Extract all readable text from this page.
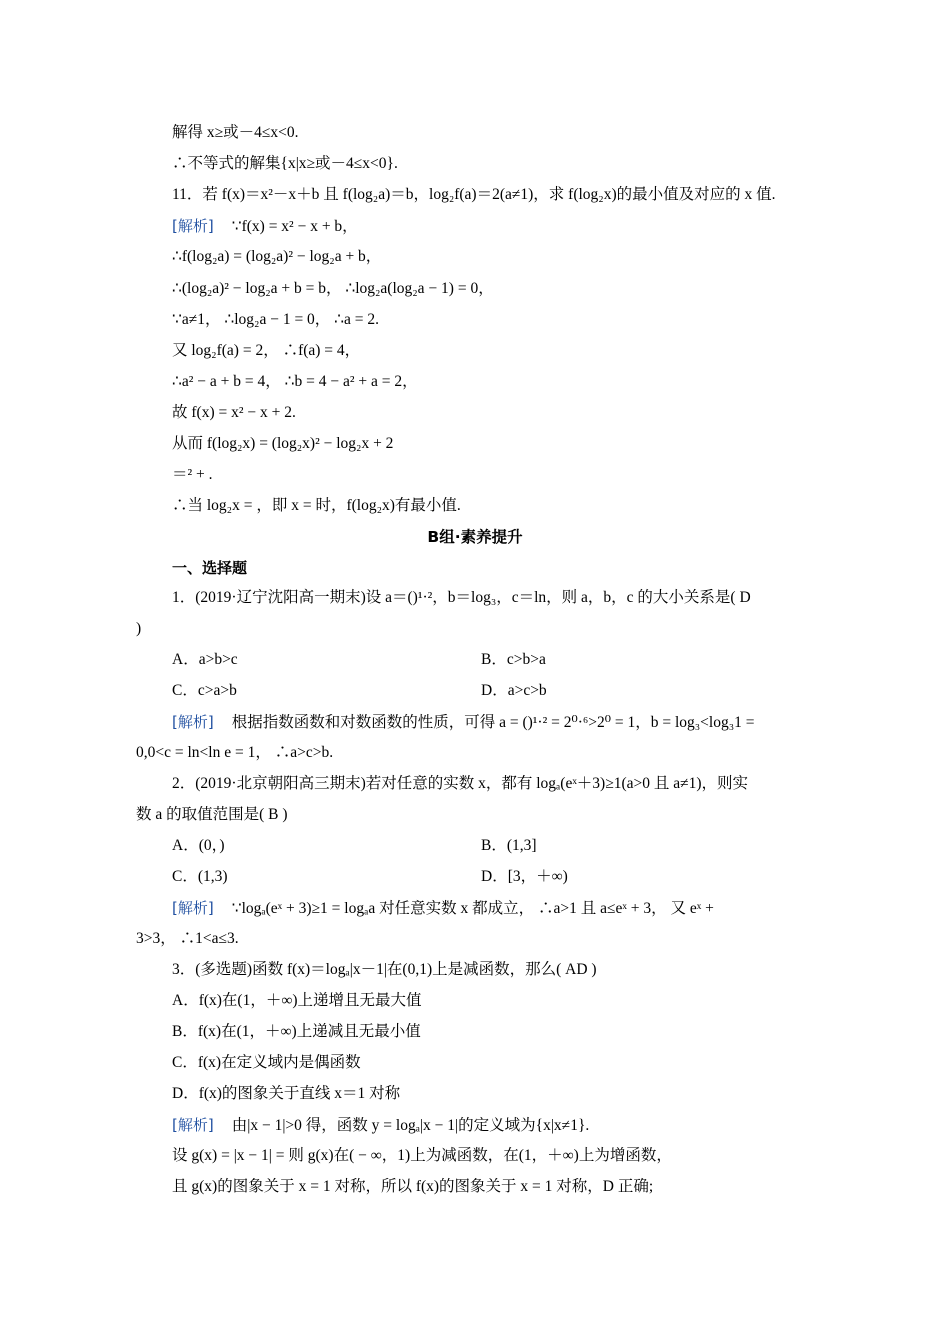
解得 x≥或－4≤x<0.
∴不等式的解集{x|x≥或－4≤x<0}.
11．若 f(x)＝x²－x＋b 且 f(log₂a)＝b，log₂f(a)＝2(a≠1)，求 f(log₂x)的最小值及对应的 x 值.
[解析] ∵f(x) = x² − x + b，
∴f(log₂a) = (log₂a)² − log₂a + b，
∴(log₂a)² − log₂a + b = b， ∴log₂a(log₂a − 1) = 0，
∵a≠1， ∴log₂a − 1 = 0， ∴a = 2.
又 log₂f(a) = 2， ∴f(a) = 4，
∴a² − a + b = 4， ∴b = 4 − a² + a = 2，
故 f(x) = x² − x + 2.
从而 f(log₂x) = (log₂x)² − log₂x + 2
＝² + .
∴当 log₂x = ，即 x = 时，f(log₂x)有最小值.
B组·素养提升
一、选择题
1．(2019·辽宁沈阳高一期末)设 a＝()¹·²，b＝log₃，c＝ln，则 a，b，c 的大小关系是( D
)
A．a>b>c	B．c>b>a
C．c>a>b	D．a>c>b
[解析] 根据指数函数和对数函数的性质，可得 a = ()¹·² = 2⁰·⁶>2⁰ = 1，b = log₃<log₃1 =
0,0<c = ln<ln e = 1， ∴a>c>b.
2．(2019·北京朝阳高三期末)若对任意的实数 x，都有 logₐ(eˣ＋3)≥1(a>0 且 a≠1)，则实
数 a 的取值范围是( B )
A．(0，)	B．(1,3]
C．(1,3)	D．[3，＋∞)
[解析] ∵logₐ(eˣ + 3)≥1 = logₐa 对任意实数 x 都成立， ∴a>1 且 a≤eˣ + 3， 又 eˣ +
3>3， ∴1<a≤3.
3．(多选题)函数 f(x)＝logₐ|x－1|在(0,1)上是减函数，那么( AD )
A．f(x)在(1，＋∞)上递增且无最大值
B．f(x)在(1，＋∞)上递减且无最小值
C．f(x)在定义域内是偶函数
D．f(x)的图象关于直线 x＝1 对称
[解析] 由|x − 1|>0 得，函数 y = logₐ|x − 1|的定义域为{x|x≠1}.
设 g(x) = |x − 1| = 则 g(x)在( − ∞，1)上为减函数，在(1，＋∞)上为增函数，
且 g(x)的图象关于 x = 1 对称，所以 f(x)的图象关于 x = 1 对称，D 正确;
